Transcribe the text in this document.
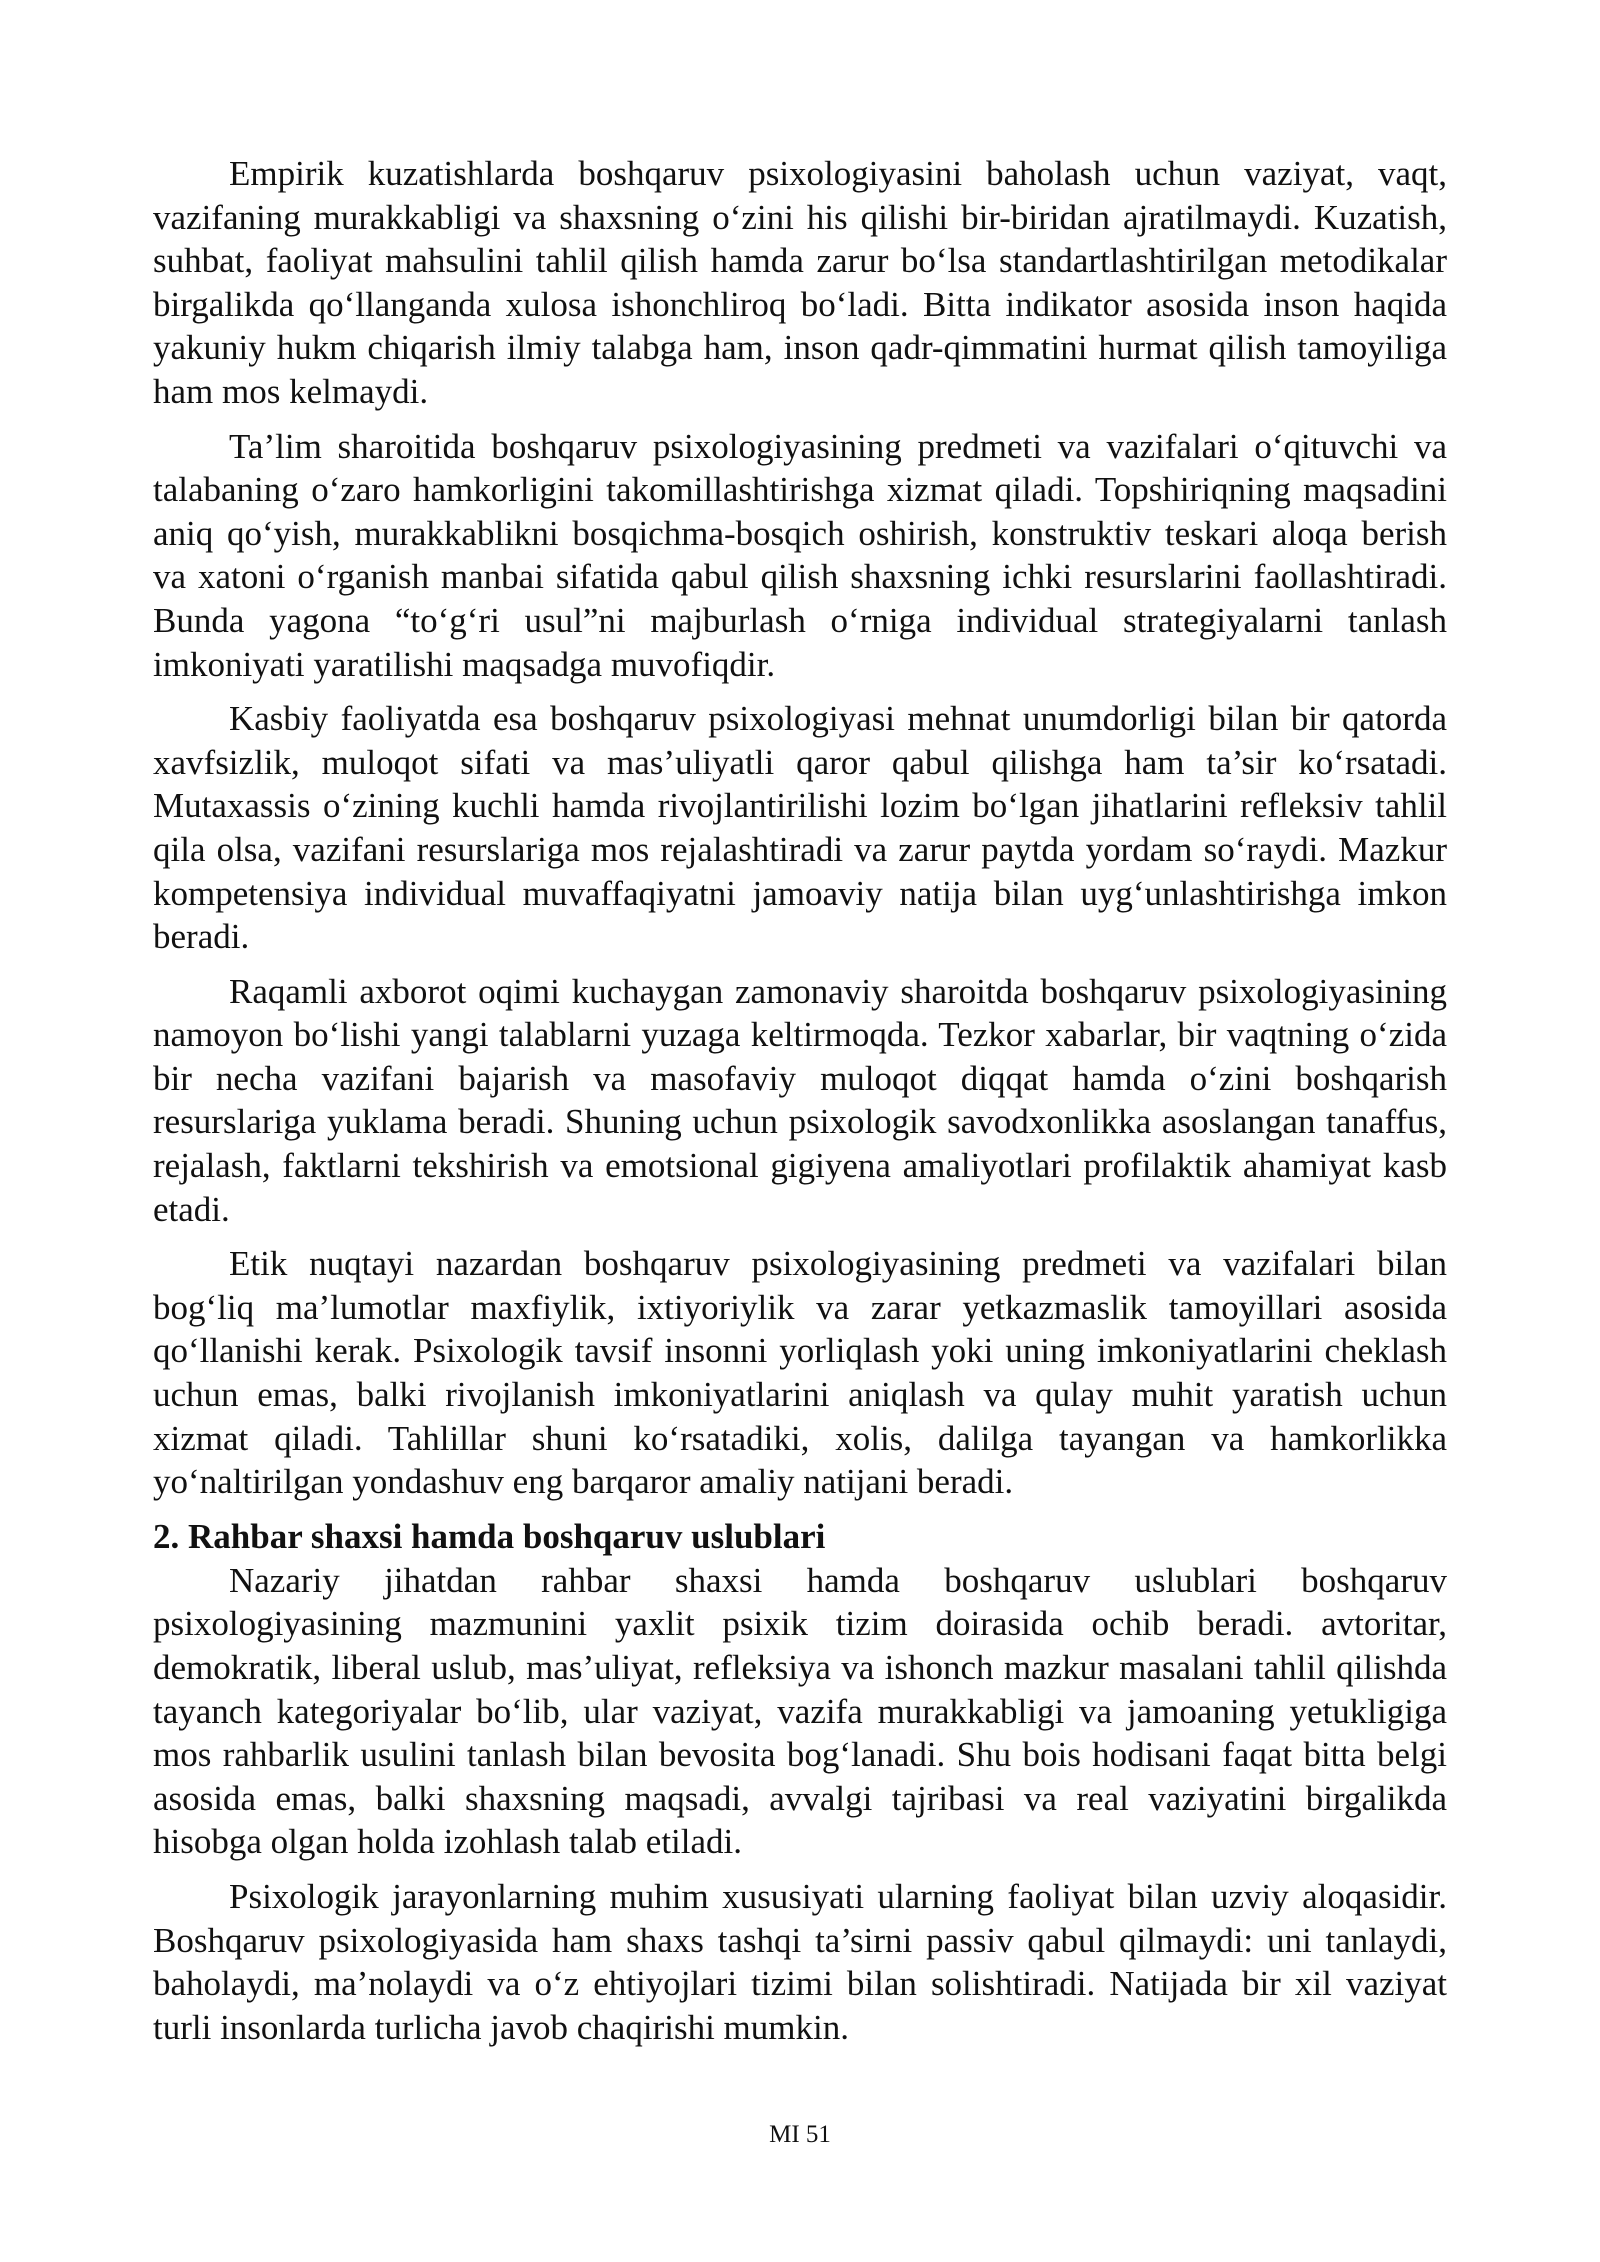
Empirik kuzatishlarda boshqaruv psixologiyasini baholash uchun vaziyat, vaqt, vazifaning murakkabligi va shaxsning o‘zini his qilishi bir-biridan ajratilmaydi. Kuzatish, suhbat, faoliyat mahsulini tahlil qilish hamda zarur bo‘lsa standartlashtirilgan metodikalar birgalikda qo‘llanganda xulosa ishonchliroq bo‘ladi. Bitta indikator asosida inson haqida yakuniy hukm chiqarish ilmiy talabga ham, inson qadr-qimmatini hurmat qilish tamoyiliga ham mos kelmaydi.

Ta’lim sharoitida boshqaruv psixologiyasining predmeti va vazifalari o‘qituvchi va talabaning o‘zaro hamkorligini takomillashtirishga xizmat qiladi. Topshiriqning maqsadini aniq qo‘yish, murakkablikni bosqichma-bosqich oshirish, konstruktiv teskari aloqa berish va xatoni o‘rganish manbai sifatida qabul qilish shaxsning ichki resurslarini faollashtiradi. Bunda yagona “to‘g‘ri usul”ni majburlash o‘rniga individual strategiyalarni tanlash imkoniyati yaratilishi maqsadga muvofiqdir.

Kasbiy faoliyatda esa boshqaruv psixologiyasi mehnat unumdorligi bilan bir qatorda xavfsizlik, muloqot sifati va mas’uliyatli qaror qabul qilishga ham ta’sir ko‘rsatadi. Mutaxassis o‘zining kuchli hamda rivojlantirilishi lozim bo‘lgan jihatlarini refleksiv tahlil qila olsa, vazifani resurslariga mos rejalashtiradi va zarur paytda yordam so‘raydi. Mazkur kompetensiya individual muvaffaqiyatni jamoaviy natija bilan uyg‘unlashtirishga imkon beradi.

Raqamli axborot oqimi kuchaygan zamonaviy sharoitda boshqaruv psixologiyasining namoyon bo‘lishi yangi talablarni yuzaga keltirmoqda. Tezkor xabarlar, bir vaqtning o‘zida bir necha vazifani bajarish va masofaviy muloqot diqqat hamda o‘zini boshqarish resurslariga yuklama beradi. Shuning uchun psixologik savodxonlikka asoslangan tanaffus, rejalash, faktlarni tekshirish va emotsional gigiyena amaliyotlari profilaktik ahamiyat kasb etadi.

Etik nuqtayi nazardan boshqaruv psixologiyasining predmeti va vazifalari bilan bog‘liq ma’lumotlar maxfiylik, ixtiyoriylik va zarar yetkazmaslik tamoyillari asosida qo‘llanishi kerak. Psixologik tavsif insonni yorliqlash yoki uning imkoniyatlarini cheklash uchun emas, balki rivojlanish imkoniyatlarini aniqlash va qulay muhit yaratish uchun xizmat qiladi. Tahlillar shuni ko‘rsatadiki, xolis, dalilga tayangan va hamkorlikka yo‘naltirilgan yondashuv eng barqaror amaliy natijani beradi.

2. Rahbar shaxsi hamda boshqaruv uslublari

Nazariy jihatdan rahbar shaxsi hamda boshqaruv uslublari boshqaruv psixologiyasining mazmunini yaxlit psixik tizim doirasida ochib beradi. avtoritar, demokratik, liberal uslub, mas’uliyat, refleksiya va ishonch mazkur masalani tahlil qilishda tayanch kategoriyalar bo‘lib, ular vaziyat, vazifa murakkabligi va jamoaning yetukligiga mos rahbarlik usulini tanlash bilan bevosita bog‘lanadi. Shu bois hodisani faqat bitta belgi asosida emas, balki shaxsning maqsadi, avvalgi tajribasi va real vaziyatini birgalikda hisobga olgan holda izohlash talab etiladi.

Psixologik jarayonlarning muhim xususiyati ularning faoliyat bilan uzviy aloqasidir. Boshqaruv psixologiyasida ham shaxs tashqi ta’sirni passiv qabul qilmaydi: uni tanlaydi, baholaydi, ma’nolaydi va o‘z ehtiyojlari tizimi bilan solishtiradi. Natijada bir xil vaziyat turli insonlarda turlicha javob chaqirishi mumkin.

MI 51
